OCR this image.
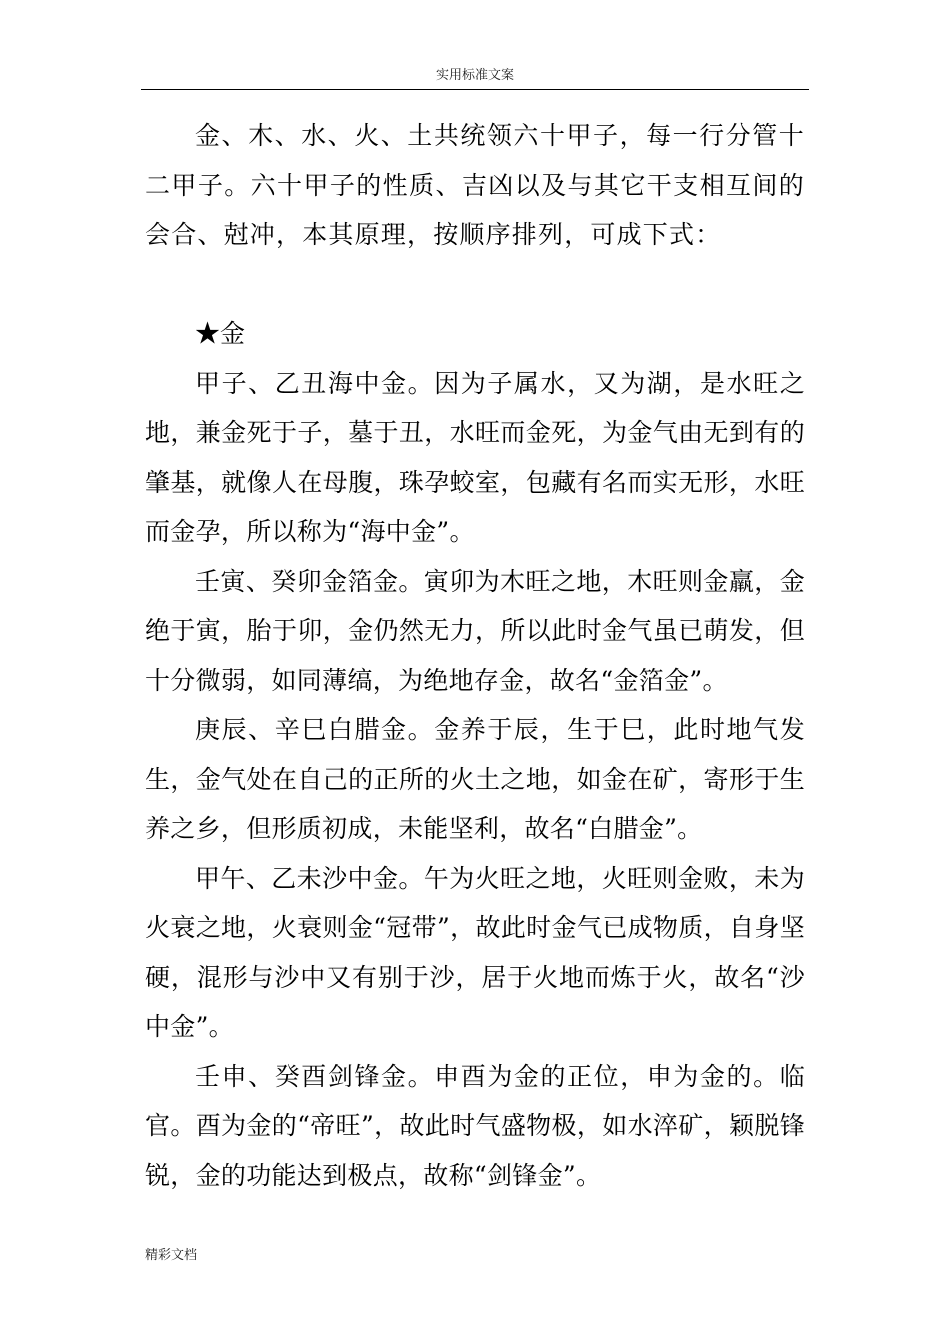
实用标准文案

金、木、水、火、土共统领六十甲子，每一行分管十二甲子。六十甲子的性质、吉凶以及与其它干支相互间的会合、尅冲，本其原理，按顺序排列，可成下式：

★金

甲子、乙丑海中金。因为子属水，又为湖，是水旺之地，兼金死于子，墓于丑，水旺而金死，为金气由无到有的肇基，就像人在母腹，珠孕蛟室，包藏有名而实无形，水旺而金孕，所以称为“海中金”。

壬寅、癸卯金箔金。寅卯为木旺之地，木旺则金羸，金绝于寅，胎于卯，金仍然无力，所以此时金气虽已萌发，但十分微弱，如同薄缟，为绝地存金，故名“金箔金”。

庚辰、辛巳白腊金。金养于辰，生于巳，此时地气发生，金气处在自己的正所的火土之地，如金在矿，寄形于生养之乡，但形质初成，未能坚利，故名“白腊金”。

甲午、乙未沙中金。午为火旺之地，火旺则金败，未为火衰之地，火衰则金“冠带”，故此时金气已成物质，自身坚硬，混形与沙中又有别于沙，居于火地而炼于火，故名“沙中金”。

壬申、癸酉剑锋金。申酉为金的正位，申为金的。临官。酉为金的“帝旺”，故此时气盛物极，如水淬矿，颖脱锋锐，金的功能达到极点，故称“剑锋金”。

精彩文档
